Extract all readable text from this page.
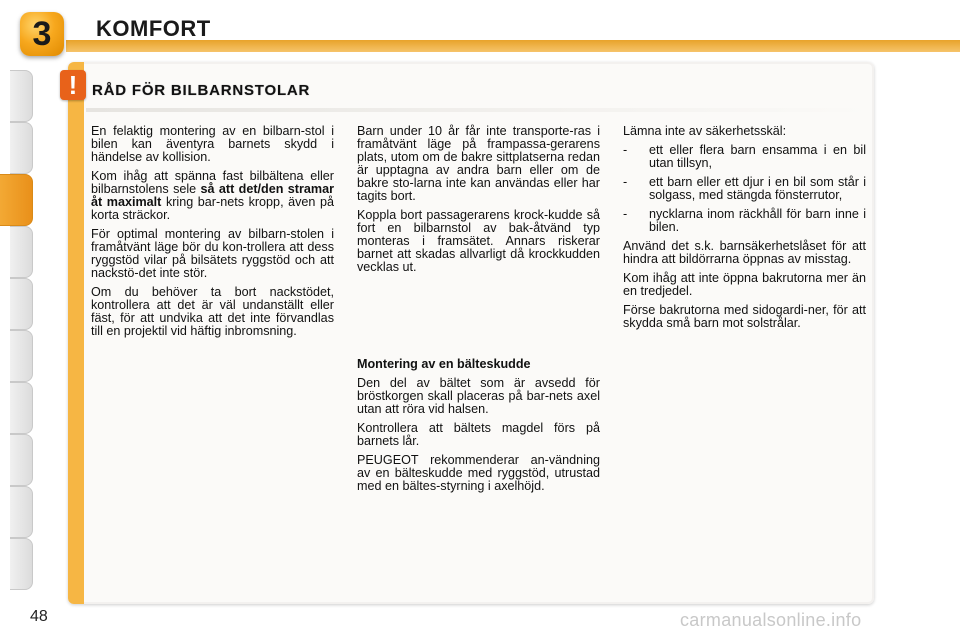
3 KOMFORT
! RÅD FÖR BILBARNSTOLAR

En felaktig montering av en bilbarn-stol i bilen kan äventyra barnets skydd i händelse av kollision.

Kom ihåg att spänna fast bilbältena eller bilbarnstolens sele så att det/den stramar åt maximalt kring bar-nets kropp, även på korta sträckor.

För optimal montering av bilbarn-stolen i framåtvänt läge bör du kon-trollera att dess ryggstöd vilar på bilsätets ryggstöd och att nackstö-det inte stör.

Om du behöver ta bort nackstödet, kontrollera att det är väl undanställt eller fäst, för att undvika att det inte förvandlas till en projektil vid häftig inbromsning.

Barn under 10 år får inte transporte-ras i framåtvänt läge på frampassa-gerarens plats, utom om de bakre sittplatserna redan är upptagna av andra barn eller om de bakre sto-larna inte kan användas eller har tagits bort.

Koppla bort passagerarens krock-kudde så fort en bilbarnstol av bak-åtvänd typ monteras i framsätet. Annars riskerar barnet att skadas allvarligt då krockkudden vecklas ut.

Montering av en bälteskudde

Den del av bältet som är avsedd för bröstkorgen skall placeras på bar-nets axel utan att röra vid halsen.

Kontrollera att bältets magdel förs på barnets lår.

PEUGEOT rekommenderar an-vändning av en bälteskudde med ryggstöd, utrustad med en bältes-styrning i axelhöjd.

Lämna inte av säkerhetsskäl:

-	ett eller flera barn ensamma i en bil utan tillsyn,
-	ett barn eller ett djur i en bil som står i solgass, med stängda fönsterrutor,
-	nycklarna inom räckhåll för barn inne i bilen.

Använd det s.k. barnsäkerhetslåset för att hindra att bildörrarna öppnas av misstag.

Kom ihåg att inte öppna bakrutorna mer än en tredjedel.

Förse bakrutorna med sidogardi-ner, för att skydda små barn mot solstrålar.

48	carmanualsonline.info
